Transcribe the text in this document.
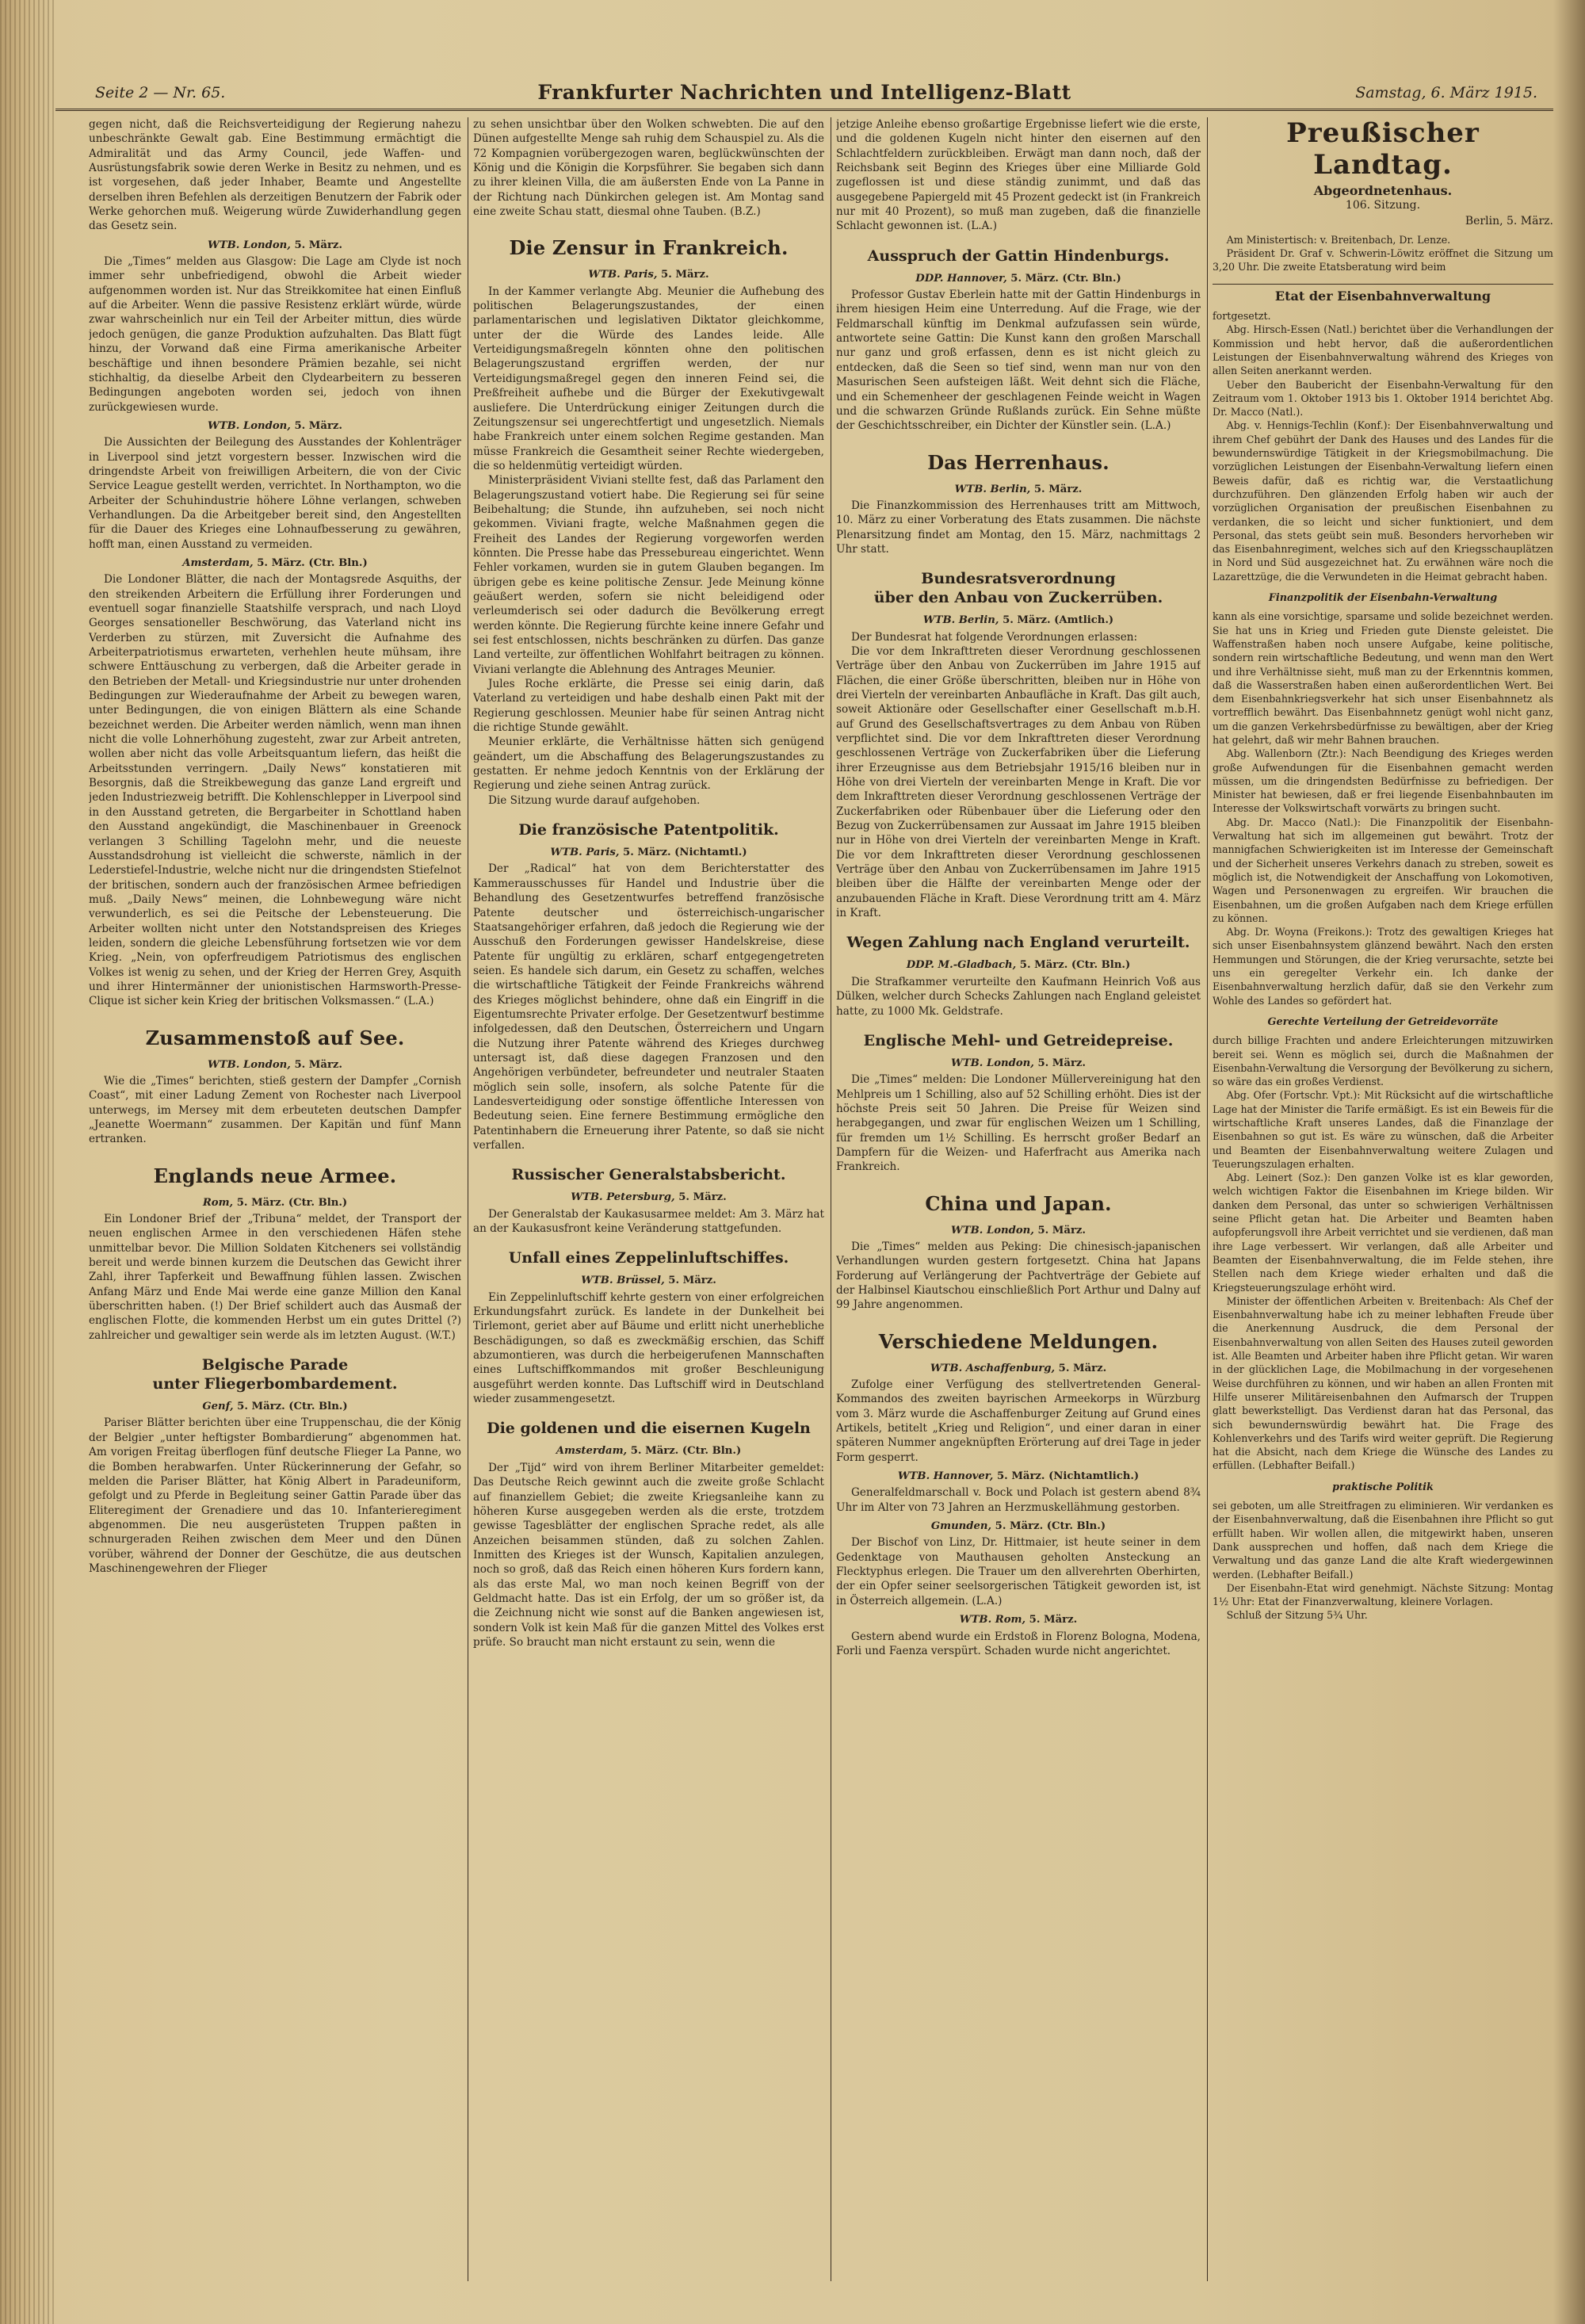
Seite 2 — Nr. 65.	Frankfurter Nachrichten und Intelligenz-Blatt	Samstag, 6. März 1915.

gegen nicht, daß die Reichsverteidigung der Regierung nahezu unbeschränkte Gewalt gab. Eine Bestimmung ermächtigt die Admiralität und das Army Council, jede Waffen- und Ausrüstungsfabrik sowie deren Werke in Besitz zu nehmen, und es ist vorgesehen, daß jeder Inhaber, Beamte und Angestellte derselben ihren Befehlen als derzeitigen Benutzern der Fabrik oder Werke gehorchen muß. Weigerung würde Zuwiderhandlung gegen das Gesetz sein.

WTB. London, 5. März.

Die „Times“ melden aus Glasgow: Die Lage am Clyde ist noch immer sehr unbefriedigend, obwohl die Arbeit wieder aufgenommen worden ist. Nur das Streikkomitee hat einen Einfluß auf die Arbeiter. Wenn die passive Resistenz erklärt würde, würde zwar wahrscheinlich nur ein Teil der Arbeiter mittun, dies würde jedoch genügen, die ganze Produktion aufzuhalten. Das Blatt fügt hinzu, der Vorwand daß eine Firma amerikanische Arbeiter beschäftige und ihnen besondere Prämien bezahle, sei nicht stichhaltig, da dieselbe Arbeit den Clydearbeitern zu besseren Bedingungen angeboten worden sei, jedoch von ihnen zurückgewiesen wurde.

WTB. London, 5. März.

Die Aussichten der Beilegung des Ausstandes der Kohlenträger in Liverpool sind jetzt vorgestern besser. Inzwischen wird die dringendste Arbeit von freiwilligen Arbeitern, die von der Civic Service League gestellt werden, verrichtet. In Northampton, wo die Arbeiter der Schuhindustrie höhere Löhne verlangen, schweben Verhandlungen. Da die Arbeitgeber bereit sind, den Angestellten für die Dauer des Krieges eine Lohnaufbesserung zu gewähren, hofft man, einen Ausstand zu vermeiden.

Amsterdam, 5. März. (Ctr. Bln.)

Die Londoner Blätter, die nach der Montagsrede Asquiths, der den streikenden Arbeitern die Erfüllung ihrer Forderungen und eventuell sogar finanzielle Staatshilfe versprach, und nach Lloyd Georges sensationeller Beschwörung, das Vaterland nicht ins Verderben zu stürzen, mit Zuversicht die Aufnahme des Arbeiterpatriotismus erwarteten, verhehlen heute mühsam, ihre schwere Enttäuschung zu verbergen, daß die Arbeiter gerade in den Betrieben der Metall- und Kriegsindustrie nur unter drohenden Bedingungen zur Wiederaufnahme der Arbeit zu bewegen waren, unter Bedingungen, die von einigen Blättern als eine Schande bezeichnet werden. Die Arbeiter werden nämlich, wenn man ihnen nicht die volle Lohnerhöhung zugesteht, zwar zur Arbeit antreten, wollen aber nicht das volle Arbeitsquantum liefern, das heißt die Arbeitsstunden verringern. „Daily News“ konstatieren mit Besorgnis, daß die Streikbewegung das ganze Land ergreift und jeden Industriezweig betrifft. Die Kohlenschlepper in Liverpool sind in den Ausstand getreten, die Bergarbeiter in Schottland haben den Ausstand angekündigt, die Maschinenbauer in Greenock verlangen 3 Schilling Tagelohn mehr, und die neueste Ausstandsdrohung ist vielleicht die schwerste, nämlich in der Lederstiefel-Industrie, welche nicht nur die dringendsten Stiefelnot der britischen, sondern auch der französischen Armee befriedigen muß. „Daily News“ meinen, die Lohnbewegung wäre nicht verwunderlich, es sei die Peitsche der Lebensteuerung. Die Arbeiter wollten nicht unter den Notstandspreisen des Krieges leiden, sondern die gleiche Lebensführung fortsetzen wie vor dem Krieg. „Nein, von opferfreudigem Patriotismus des englischen Volkes ist wenig zu sehen, und der Krieg der Herren Grey, Asquith und ihrer Hintermänner der unionistischen Harmsworth-Presse-Clique ist sicher kein Krieg der britischen Volksmassen.“ (L.A.)

Zusammenstoß auf See.
WTB. London, 5. März.

Wie die „Times“ berichten, stieß gestern der Dampfer „Cornish Coast“, mit einer Ladung Zement von Rochester nach Liverpool unterwegs, im Mersey mit dem erbeuteten deutschen Dampfer „Jeanette Woermann“ zusammen. Der Kapitän und fünf Mann ertranken.

Englands neue Armee.
Rom, 5. März. (Ctr. Bln.)

Ein Londoner Brief der „Tribuna“ meldet, der Transport der neuen englischen Armee in den verschiedenen Häfen stehe unmittelbar bevor. Die Million Soldaten Kitcheners sei vollständig bereit und werde binnen kurzem die Deutschen das Gewicht ihrer Zahl, ihrer Tapferkeit und Bewaffnung fühlen lassen. Zwischen Anfang März und Ende Mai werde eine ganze Million den Kanal überschritten haben. (!) Der Brief schildert auch das Ausmaß der englischen Flotte, die kommenden Herbst um ein gutes Drittel (?) zahlreicher und gewaltiger sein werde als im letzten August. (W.T.)

Belgische Parade
unter Fliegerbombardement.
Genf, 5. März. (Ctr. Bln.)

Pariser Blätter berichten über eine Truppenschau, die der König der Belgier „unter heftigster Bombardierung“ abgenommen hat. Am vorigen Freitag überflogen fünf deutsche Flieger La Panne, wo die Bomben herabwarfen. Unter Rückerinnerung der Gefahr, so melden die Pariser Blätter, hat König Albert in Paradeuniform, gefolgt und zu Pferde in Begleitung seiner Gattin Parade über das Eliteregiment der Grenadiere und das 10. Infanterieregiment abgenommen. Die neu ausgerüsteten Truppen paßten in schnurgeraden Reihen zwischen dem Meer und den Dünen vorüber, während der Donner der Geschütze, die aus deutschen Maschinengewehren der Flieger

zu sehen unsichtbar über den Wolken schwebten. Die auf den Dünen aufgestellte Menge sah ruhig dem Schauspiel zu. Als die 72 Kompagnien vorübergezogen waren, beglückwünschten der König und die Königin die Korpsführer. Sie begaben sich dann zu ihrer kleinen Villa, die am äußersten Ende von La Panne in der Richtung nach Dünkirchen gelegen ist. Am Montag sand eine zweite Schau statt, diesmal ohne Tauben. (B.Z.)

Die Zensur in Frankreich.
WTB. Paris, 5. März.

In der Kammer verlangte Abg. Meunier die Aufhebung des politischen Belagerungszustandes, der einen parlamentarischen und legislativen Diktator gleichkomme, unter der die Würde des Landes leide. Alle Verteidigungsmaßregeln könnten ohne den politischen Belagerungszustand ergriffen werden, der nur Verteidigungsmaßregel gegen den inneren Feind sei, die Preßfreiheit aufhebe und die Bürger der Exekutivgewalt ausliefere. Die Unterdrückung einiger Zeitungen durch die Zeitungszensur sei ungerechtfertigt und ungesetzlich. Niemals habe Frankreich unter einem solchen Regime gestanden. Man müsse Frankreich die Gesamtheit seiner Rechte wiedergeben, die so heldenmütig verteidigt würden.

Ministerpräsident Viviani stellte fest, daß das Parlament den Belagerungszustand votiert habe. Die Regierung sei für seine Beibehaltung; die Stunde, ihn aufzuheben, sei noch nicht gekommen. Viviani fragte, welche Maßnahmen gegen die Freiheit des Landes der Regierung vorgeworfen werden könnten. Die Presse habe das Pressebureau eingerichtet. Wenn Fehler vorkamen, wurden sie in gutem Glauben begangen. Im übrigen gebe es keine politische Zensur. Jede Meinung könne geäußert werden, sofern sie nicht beleidigend oder verleumderisch sei oder dadurch die Bevölkerung erregt werden könnte. Die Regierung fürchte keine innere Gefahr und sei fest entschlossen, nichts beschränken zu dürfen. Das ganze Land verteilte, zur öffentlichen Wohlfahrt beitragen zu können. Viviani verlangte die Ablehnung des Antrages Meunier.

Jules Roche erklärte, die Presse sei einig darin, daß Vaterland zu verteidigen und habe deshalb einen Pakt mit der Regierung geschlossen. Meunier habe für seinen Antrag nicht die richtige Stunde gewählt.

Meunier erklärte, die Verhältnisse hätten sich genügend geändert, um die Abschaffung des Belagerungszustandes zu gestatten. Er nehme jedoch Kenntnis von der Erklärung der Regierung und ziehe seinen Antrag zurück.

Die Sitzung wurde darauf aufgehoben.

Die französische Patentpolitik.
WTB. Paris, 5. März. (Nichtamtl.)

Der „Radical“ hat von dem Berichterstatter des Kammerausschusses für Handel und Industrie über die Behandlung des Gesetzentwurfes betreffend französische Patente deutscher und österreichisch-ungarischer Staatsangehöriger erfahren, daß jedoch die Regierung wie der Ausschuß den Forderungen gewisser Handelskreise, diese Patente für ungültig zu erklären, scharf entgegengetreten seien. Es handele sich darum, ein Gesetz zu schaffen, welches die wirtschaftliche Tätigkeit der Feinde Frankreichs während des Krieges möglichst behindere, ohne daß ein Eingriff in die Eigentumsrechte Privater erfolge. Der Gesetzentwurf bestimme infolgedessen, daß den Deutschen, Österreichern und Ungarn die Nutzung ihrer Patente während des Krieges durchweg untersagt ist, daß diese dagegen Franzosen und den Angehörigen verbündeter, befreundeter und neutraler Staaten möglich sein solle, insofern, als solche Patente für die Landesverteidigung oder sonstige öffentliche Interessen von Bedeutung seien. Eine fernere Bestimmung ermögliche den Patentinhabern die Erneuerung ihrer Patente, so daß sie nicht verfallen.

Russischer Generalstabsbericht.
WTB. Petersburg, 5. März.

Der Generalstab der Kaukasusarmee meldet: Am 3. März hat an der Kaukasusfront keine Veränderung stattgefunden.

Unfall eines Zeppelinluftschiffes.
WTB. Brüssel, 5. März.

Ein Zeppelinluftschiff kehrte gestern von einer erfolgreichen Erkundungsfahrt zurück. Es landete in der Dunkelheit bei Tirlemont, geriet aber auf Bäume und erlitt nicht unerhebliche Beschädigungen, so daß es zweckmäßig erschien, das Schiff abzumontieren, was durch die herbeigerufenen Mannschaften eines Luftschiffkommandos mit großer Beschleunigung ausgeführt werden konnte. Das Luftschiff wird in Deutschland wieder zusammengesetzt.

Die goldenen und die eisernen Kugeln
Amsterdam, 5. März. (Ctr. Bln.)

Der „Tijd“ wird von ihrem Berliner Mitarbeiter gemeldet: Das Deutsche Reich gewinnt auch die zweite große Schlacht auf finanziellem Gebiet; die zweite Kriegsanleihe kann zu höheren Kurse ausgegeben werden als die erste, trotzdem gewisse Tagesblätter der englischen Sprache redet, als alle Anzeichen beisammen stünden, daß zu solchen Zahlen. Inmitten des Krieges ist der Wunsch, Kapitalien anzulegen, noch so groß, daß das Reich einen höheren Kurs fordern kann, als das erste Mal, wo man noch keinen Begriff von der Geldmacht hatte. Das ist ein Erfolg, der um so größer ist, da die Zeichnung nicht wie sonst auf die Banken angewiesen ist, sondern Volk ist kein Maß für die ganzen Mittel des Volkes erst prüfe. So braucht man nicht erstaunt zu sein, wenn die

jetzige Anleihe ebenso großartige Ergebnisse liefert wie die erste, und die goldenen Kugeln nicht hinter den eisernen auf den Schlachtfeldern zurückbleiben. Erwägt man dann noch, daß der Reichsbank seit Beginn des Krieges über eine Milliarde Gold zugeflossen ist und diese ständig zunimmt, und daß das ausgegebene Papiergeld mit 45 Prozent gedeckt ist (in Frankreich nur mit 40 Prozent), so muß man zugeben, daß die finanzielle Schlacht gewonnen ist. (L.A.)

Ausspruch der Gattin Hindenburgs.
DDP. Hannover, 5. März. (Ctr. Bln.)

Professor Gustav Eberlein hatte mit der Gattin Hindenburgs in ihrem hiesigen Heim eine Unterredung. Auf die Frage, wie der Feldmarschall künftig im Denkmal aufzufassen sein würde, antwortete seine Gattin: Die Kunst kann den großen Marschall nur ganz und groß erfassen, denn es ist nicht gleich zu entdecken, daß die Seen so tief sind, wenn man nur von den Masurischen Seen aufsteigen läßt. Weit dehnt sich die Fläche, und ein Schemenheer der geschlagenen Feinde weicht in Wagen und die schwarzen Gründe Rußlands zurück. Ein Sehne müßte der Geschichtsschreiber, ein Dichter der Künstler sein. (L.A.)

Das Herrenhaus.
WTB. Berlin, 5. März.

Die Finanzkommission des Herrenhauses tritt am Mittwoch, 10. März zu einer Vorberatung des Etats zusammen. Die nächste Plenarsitzung findet am Montag, den 15. März, nachmittags 2 Uhr statt.

Bundesratsverordnung
über den Anbau von Zuckerrüben.
WTB. Berlin, 5. März. (Amtlich.)

Der Bundesrat hat folgende Verordnungen erlassen:

Die vor dem Inkrafttreten dieser Verordnung geschlossenen Verträge über den Anbau von Zuckerrüben im Jahre 1915 auf Flächen, die einer Größe überschritten, bleiben nur in Höhe von drei Vierteln der vereinbarten Anbaufläche in Kraft. Das gilt auch, soweit Aktionäre oder Gesellschafter einer Gesellschaft m.b.H. auf Grund des Gesellschaftsvertrages zu dem Anbau von Rüben verpflichtet sind. Die vor dem Inkrafttreten dieser Verordnung geschlossenen Verträge von Zuckerfabriken über die Lieferung ihrer Erzeugnisse aus dem Betriebsjahr 1915/16 bleiben nur in Höhe von drei Vierteln der vereinbarten Menge in Kraft. Die vor dem Inkrafttreten dieser Verordnung geschlossenen Verträge der Zuckerfabriken oder Rübenbauer über die Lieferung oder den Bezug von Zuckerrübensamen zur Aussaat im Jahre 1915 bleiben nur in Höhe von drei Vierteln der vereinbarten Menge in Kraft. Die vor dem Inkrafttreten dieser Verordnung geschlossenen Verträge über den Anbau von Zuckerrübensamen im Jahre 1915 bleiben über die Hälfte der vereinbarten Menge oder der anzubauenden Fläche in Kraft. Diese Verordnung tritt am 4. März in Kraft.

Wegen Zahlung nach England verurteilt.
DDP. M.-Gladbach, 5. März. (Ctr. Bln.)

Die Strafkammer verurteilte den Kaufmann Heinrich Voß aus Dülken, welcher durch Schecks Zahlungen nach England geleistet hatte, zu 1000 Mk. Geldstrafe.

Englische Mehl- und Getreidepreise.
WTB. London, 5. März.

Die „Times“ melden: Die Londoner Müllervereinigung hat den Mehlpreis um 1 Schilling, also auf 52 Schilling erhöht. Dies ist der höchste Preis seit 50 Jahren. Die Preise für Weizen sind herabgegangen, und zwar für englischen Weizen um 1 Schilling, für fremden um 1½ Schilling. Es herrscht großer Bedarf an Dampfern für die Weizen- und Haferfracht aus Amerika nach Frankreich.

China und Japan.
WTB. London, 5. März.

Die „Times“ melden aus Peking: Die chinesisch-japanischen Verhandlungen wurden gestern fortgesetzt. China hat Japans Forderung auf Verlängerung der Pachtverträge der Gebiete auf der Halbinsel Kiautschou einschließlich Port Arthur und Dalny auf 99 Jahre angenommen.

Verschiedene Meldungen.
WTB. Aschaffenburg, 5. März.

Zufolge einer Verfügung des stellvertretenden General-Kommandos des zweiten bayrischen Armeekorps in Würzburg vom 3. März wurde die Aschaffenburger Zeitung auf Grund eines Artikels, betitelt „Krieg und Religion“, und einer daran in einer späteren Nummer angeknüpften Erörterung auf drei Tage in jeder Form gesperrt.

WTB. Hannover, 5. März. (Nichtamtlich.)

Generalfeldmarschall v. Bock und Polach ist gestern abend 8¾ Uhr im Alter von 73 Jahren an Herzmuskellähmung gestorben.

Gmunden, 5. März. (Ctr. Bln.)

Der Bischof von Linz, Dr. Hittmaier, ist heute seiner in dem Gedenktage von Mauthausen geholten Ansteckung an Flecktyphus erlegen. Die Trauer um den allverehrten Oberhirten, der ein Opfer seiner seelsorgerischen Tätigkeit geworden ist, ist in Österreich allgemein. (L.A.)

WTB. Rom, 5. März.

Gestern abend wurde ein Erdstoß in Florenz Bologna, Modena, Forli und Faenza verspürt. Schaden wurde nicht angerichtet.

Preußischer Landtag.
Abgeordnetenhaus.
106. Sitzung.
Berlin, 5. März.

Am Ministertisch: v. Breitenbach, Dr. Lenze.

Präsident Dr. Graf v. Schwerin-Löwitz eröffnet die Sitzung um 3,20 Uhr. Die zweite Etatsberatung wird beim

Etat der Eisenbahnverwaltung

fortgesetzt.

Abg. Hirsch-Essen (Natl.) berichtet über die Verhandlungen der Kommission und hebt hervor, daß die außerordentlichen Leistungen der Eisenbahnverwaltung während des Krieges von allen Seiten anerkannt werden.

Ueber den Baubericht der Eisenbahn-Verwaltung für den Zeitraum vom 1. Oktober 1913 bis 1. Oktober 1914 berichtet Abg. Dr. Macco (Natl.).

Abg. v. Hennigs-Techlin (Konf.): Der Eisenbahnverwaltung und ihrem Chef gebührt der Dank des Hauses und des Landes für die bewundernswürdige Tätigkeit in der Kriegsmobilmachung. Die vorzüglichen Leistungen der Eisenbahn-Verwaltung liefern einen Beweis dafür, daß es richtig war, die Verstaatlichung durchzuführen. Den glänzenden Erfolg haben wir auch der vorzüglichen Organisation der preußischen Eisenbahnen zu verdanken, die so leicht und sicher funktioniert, und dem Personal, das stets geübt sein muß. Besonders hervorheben wir das Eisenbahnregiment, welches sich auf den Kriegsschauplätzen in Nord und Süd ausgezeichnet hat. Zu erwähnen wäre noch die Lazarettzüge, die die Verwundeten in die Heimat gebracht haben.

Finanzpolitik der Eisenbahn-Verwaltung

kann als eine vorsichtige, sparsame und solide bezeichnet werden. Sie hat uns in Krieg und Frieden gute Dienste geleistet. Die Waffenstraßen haben noch unsere Aufgabe, keine politische, sondern rein wirtschaftliche Bedeutung, und wenn man den Wert und ihre Verhältnisse sieht, muß man zu der Erkenntnis kommen, daß die Wasserstraßen haben einen außerordentlichen Wert. Bei dem Eisenbahnkriegsverkehr hat sich unser Eisenbahnnetz als vortrefflich bewährt. Das Eisenbahnnetz genügt wohl nicht ganz, um die ganzen Verkehrsbedürfnisse zu bewältigen, aber der Krieg hat gelehrt, daß wir mehr Bahnen brauchen.

Abg. Wallenborn (Ztr.): Nach Beendigung des Krieges werden große Aufwendungen für die Eisenbahnen gemacht werden müssen, um die dringendsten Bedürfnisse zu befriedigen. Der Minister hat bewiesen, daß er frei liegende Eisenbahnbauten im Interesse der Volkswirtschaft vorwärts zu bringen sucht.

Abg. Dr. Macco (Natl.): Die Finanzpolitik der Eisenbahn-Verwaltung hat sich im allgemeinen gut bewährt. Trotz der mannigfachen Schwierigkeiten ist im Interesse der Gemeinschaft und der Sicherheit unseres Verkehrs danach zu streben, soweit es möglich ist, die Notwendigkeit der Anschaffung von Lokomotiven, Wagen und Personenwagen zu ergreifen. Wir brauchen die Eisenbahnen, um die großen Aufgaben nach dem Kriege erfüllen zu können.

Abg. Dr. Woyna (Freikons.): Trotz des gewaltigen Krieges hat sich unser Eisenbahnsystem glänzend bewährt. Nach den ersten Hemmungen und Störungen, die der Krieg verursachte, setzte bei uns ein geregelter Verkehr ein. Ich danke der Eisenbahnverwaltung herzlich dafür, daß sie den Verkehr zum Wohle des Landes so gefördert hat.

Gerechte Verteilung der Getreidevorräte

durch billige Frachten und andere Erleichterungen mitzuwirken bereit sei. Wenn es möglich sei, durch die Maßnahmen der Eisenbahn-Verwaltung die Versorgung der Bevölkerung zu sichern, so wäre das ein großes Verdienst.

Abg. Ofer (Fortschr. Vpt.): Mit Rücksicht auf die wirtschaftliche Lage hat der Minister die Tarife ermäßigt. Es ist ein Beweis für die wirtschaftliche Kraft unseres Landes, daß die Finanzlage der Eisenbahnen so gut ist. Es wäre zu wünschen, daß die Arbeiter und Beamten der Eisenbahnverwaltung weitere Zulagen und Teuerungszulagen erhalten.

Abg. Leinert (Soz.): Den ganzen Volke ist es klar geworden, welch wichtigen Faktor die Eisenbahnen im Kriege bilden. Wir danken dem Personal, das unter so schwierigen Verhältnissen seine Pflicht getan hat. Die Arbeiter und Beamten haben aufopferungsvoll ihre Arbeit verrichtet und sie verdienen, daß man ihre Lage verbessert. Wir verlangen, daß alle Arbeiter und Beamten der Eisenbahnverwaltung, die im Felde stehen, ihre Stellen nach dem Kriege wieder erhalten und daß die Kriegsteuerungszulage erhöht wird.

Minister der öffentlichen Arbeiten v. Breitenbach: Als Chef der Eisenbahnverwaltung habe ich zu meiner lebhaften Freude über die Anerkennung Ausdruck, die dem Personal der Eisenbahnverwaltung von allen Seiten des Hauses zuteil geworden ist. Alle Beamten und Arbeiter haben ihre Pflicht getan. Wir waren in der glücklichen Lage, die Mobilmachung in der vorgesehenen Weise durchführen zu können, und wir haben an allen Fronten mit Hilfe unserer Militäreisenbahnen den Aufmarsch der Truppen glatt bewerkstelligt. Das Verdienst daran hat das Personal, das sich bewundernswürdig bewährt hat. Die Frage des Kohlenverkehrs und des Tarifs wird weiter geprüft. Die Regierung hat die Absicht, nach dem Kriege die Wünsche des Landes zu erfüllen. (Lebhafter Beifall.)

praktische Politik

sei geboten, um alle Streitfragen zu eliminieren. Wir verdanken es der Eisenbahnverwaltung, daß die Eisenbahnen ihre Pflicht so gut erfüllt haben. Wir wollen allen, die mitgewirkt haben, unseren Dank aussprechen und hoffen, daß nach dem Kriege die Verwaltung und das ganze Land die alte Kraft wiedergewinnen werden. (Lebhafter Beifall.)

Der Eisenbahn-Etat wird genehmigt. Nächste Sitzung: Montag 1½ Uhr: Etat der Finanzverwaltung, kleinere Vorlagen.

Schluß der Sitzung 5¾ Uhr.
